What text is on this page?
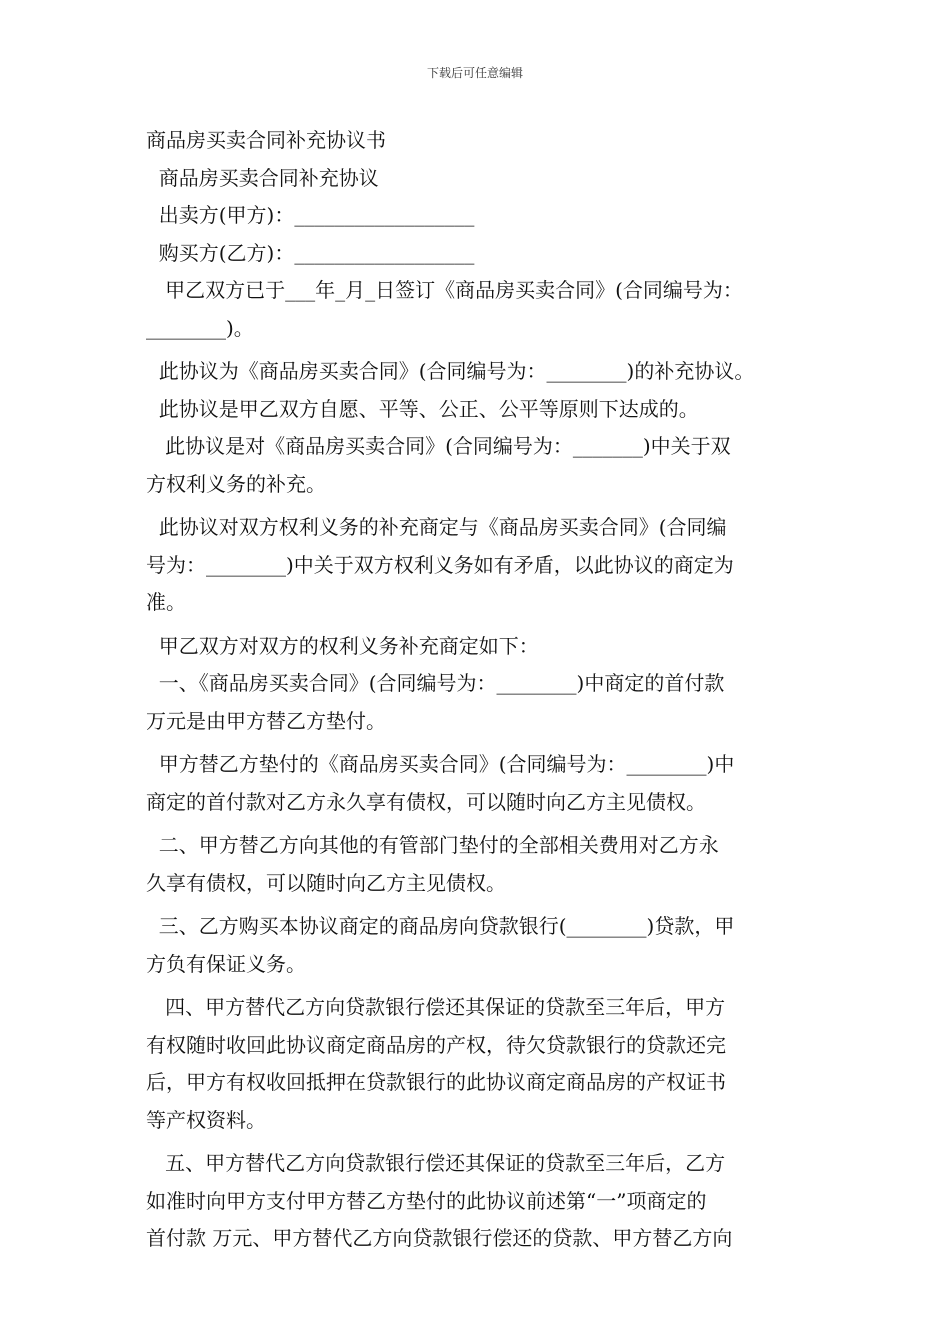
下载后可任意编辑
商品房买卖合同补充协议书
商品房买卖合同补充协议
出卖方(甲方)：__________________
购买方(乙方)：__________________
甲乙双方已于___年_月_日签订《商品房买卖合同》(合同编号为：
________)。
此协议为《商品房买卖合同》(合同编号为：________)的补充协议。
此协议是甲乙双方自愿、平等、公正、公平等原则下达成的。
此协议是对《商品房买卖合同》(合同编号为：_______)中关于双
方权利义务的补充。
此协议对双方权利义务的补充商定与《商品房买卖合同》(合同编
号为：________)中关于双方权利义务如有矛盾，以此协议的商定为
准。
甲乙双方对双方的权利义务补充商定如下：
一、《商品房买卖合同》(合同编号为：________)中商定的首付款
万元是由甲方替乙方垫付。
甲方替乙方垫付的《商品房买卖合同》(合同编号为：________)中
商定的首付款对乙方永久享有债权，可以随时向乙方主见债权。
二、甲方替乙方向其他的有管部门垫付的全部相关费用对乙方永
久享有债权，可以随时向乙方主见债权。
三、乙方购买本协议商定的商品房向贷款银行(________)贷款，甲
方负有保证义务。
四、甲方替代乙方向贷款银行偿还其保证的贷款至三年后，甲方
有权随时收回此协议商定商品房的产权，待欠贷款银行的贷款还完
后，甲方有权收回抵押在贷款银行的此协议商定商品房的产权证书
等产权资料。
五、甲方替代乙方向贷款银行偿还其保证的贷款至三年后，乙方
如准时向甲方支付甲方替乙方垫付的此协议前述第“一”项商定的
首付款 万元、甲方替代乙方向贷款银行偿还的贷款、甲方替乙方向
